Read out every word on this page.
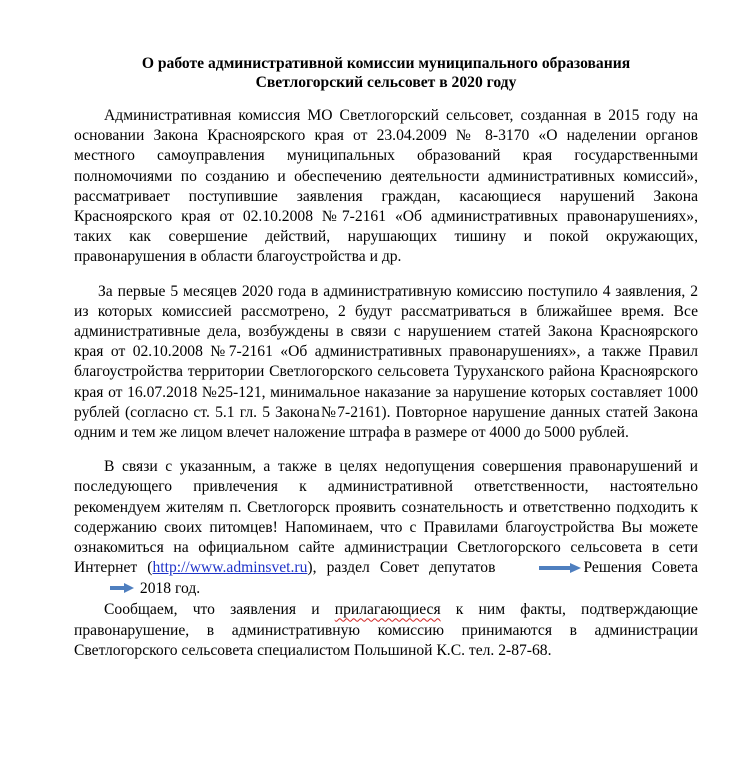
О работе административной комиссии муниципального образования
Светлогорский сельсовет в 2020 году

Административная комиссия МО Светлогорский сельсовет, созданная в 2015 году на основании Закона Красноярского края от 23.04.2009 № 8-3170 «О наделении органов местного самоуправления муниципальных образований края государственными полномочиями по созданию и обеспечению деятельности административных комиссий», рассматривает поступившие заявления граждан, касающиеся нарушений Закона Красноярского края от 02.10.2008 №7-2161 «Об административных правонарушениях», таких как совершение действий, нарушающих тишину и покой окружающих, правонарушения в области благоустройства и др.

За первые 5 месяцев 2020 года в административную комиссию поступило 4 заявления, 2 из которых комиссией рассмотрено, 2 будут рассматриваться в ближайшее время. Все административные дела, возбуждены в связи с нарушением статей Закона Красноярского края от 02.10.2008 №7-2161 «Об административных правонарушениях», а также Правил благоустройства территории Светлогорского сельсовета Туруханского района Красноярского края от 16.07.2018 №25-121, минимальное наказание за нарушение которых составляет 1000 рублей (согласно ст. 5.1 гл. 5 Закона№7-2161). Повторное нарушение данных статей Закона одним и тем же лицом влечет наложение штрафа в размере от 4000 до 5000 рублей.

В связи с указанным, а также в целях недопущения совершения правонарушений и последующего привлечения к административной ответственности, настоятельно рекомендуем жителям п. Светлогорск проявить сознательность и ответственно подходить к содержанию своих питомцев! Напоминаем, что с Правилами благоустройства Вы можете ознакомиться на официальном сайте администрации Светлогорского сельсовета в сети Интернет (http://www.adminsvet.ru), раздел Совет депутатов	Решения Совета 2018 год.

Сообщаем, что заявления и прилагающиеся к ним факты, подтверждающие правонарушение, в административную комиссию принимаются в администрации Светлогорского сельсовета специалистом Польшиной К.С. тел. 2-87-68.
